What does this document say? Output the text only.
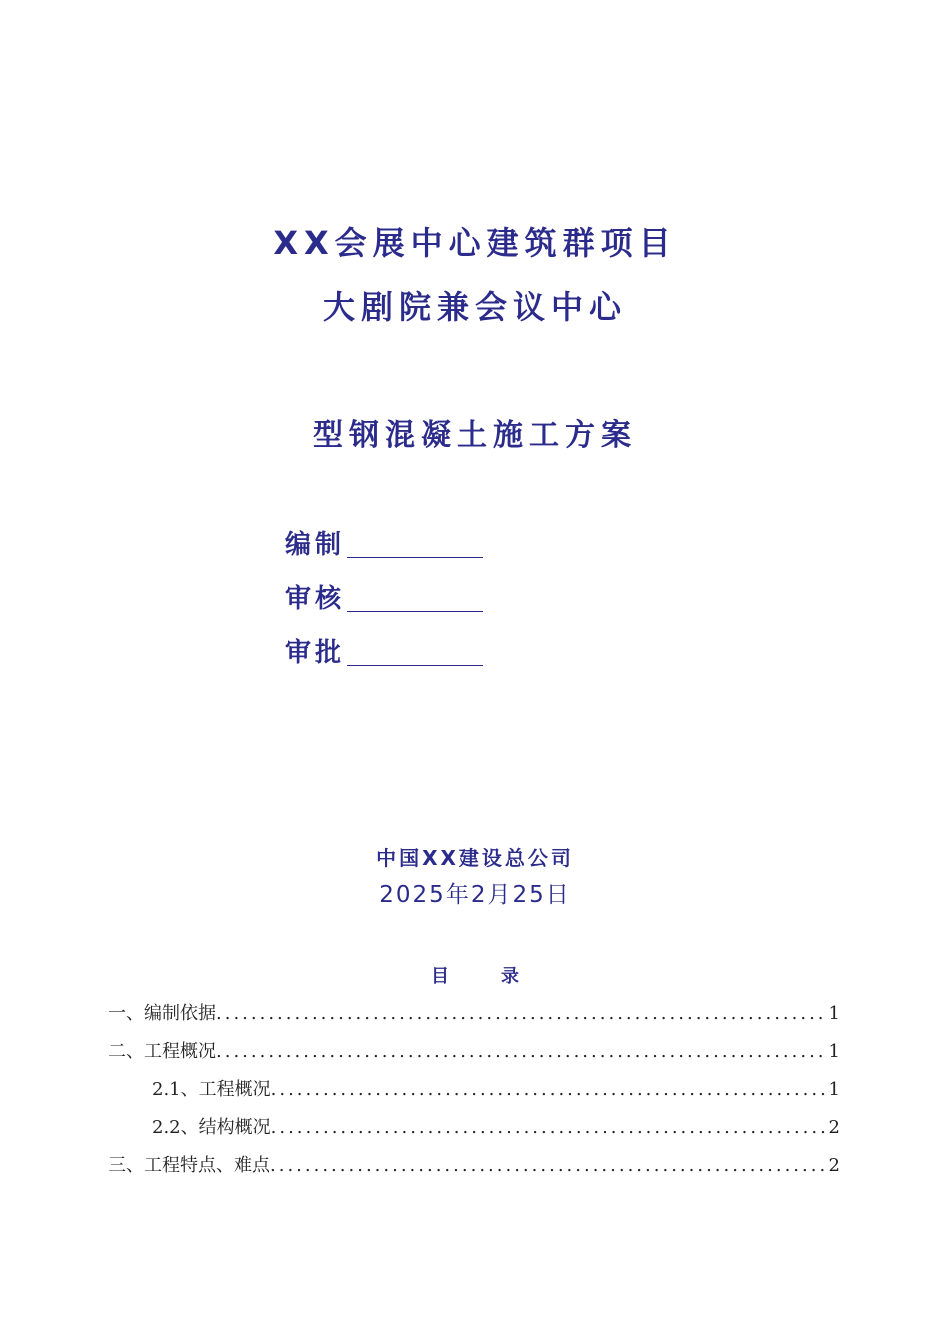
XX会展中心建筑群项目
大剧院兼会议中心
型钢混凝土施工方案
编制
审核
审批
中国XX建设总公司
2025年2月25日
目	录
一、编制依据 .....	1
二、工程概况 .....	1
2.1、工程概况 .....	1
2.2、结构概况 .....	2
三、工程特点、难点 .....	2
